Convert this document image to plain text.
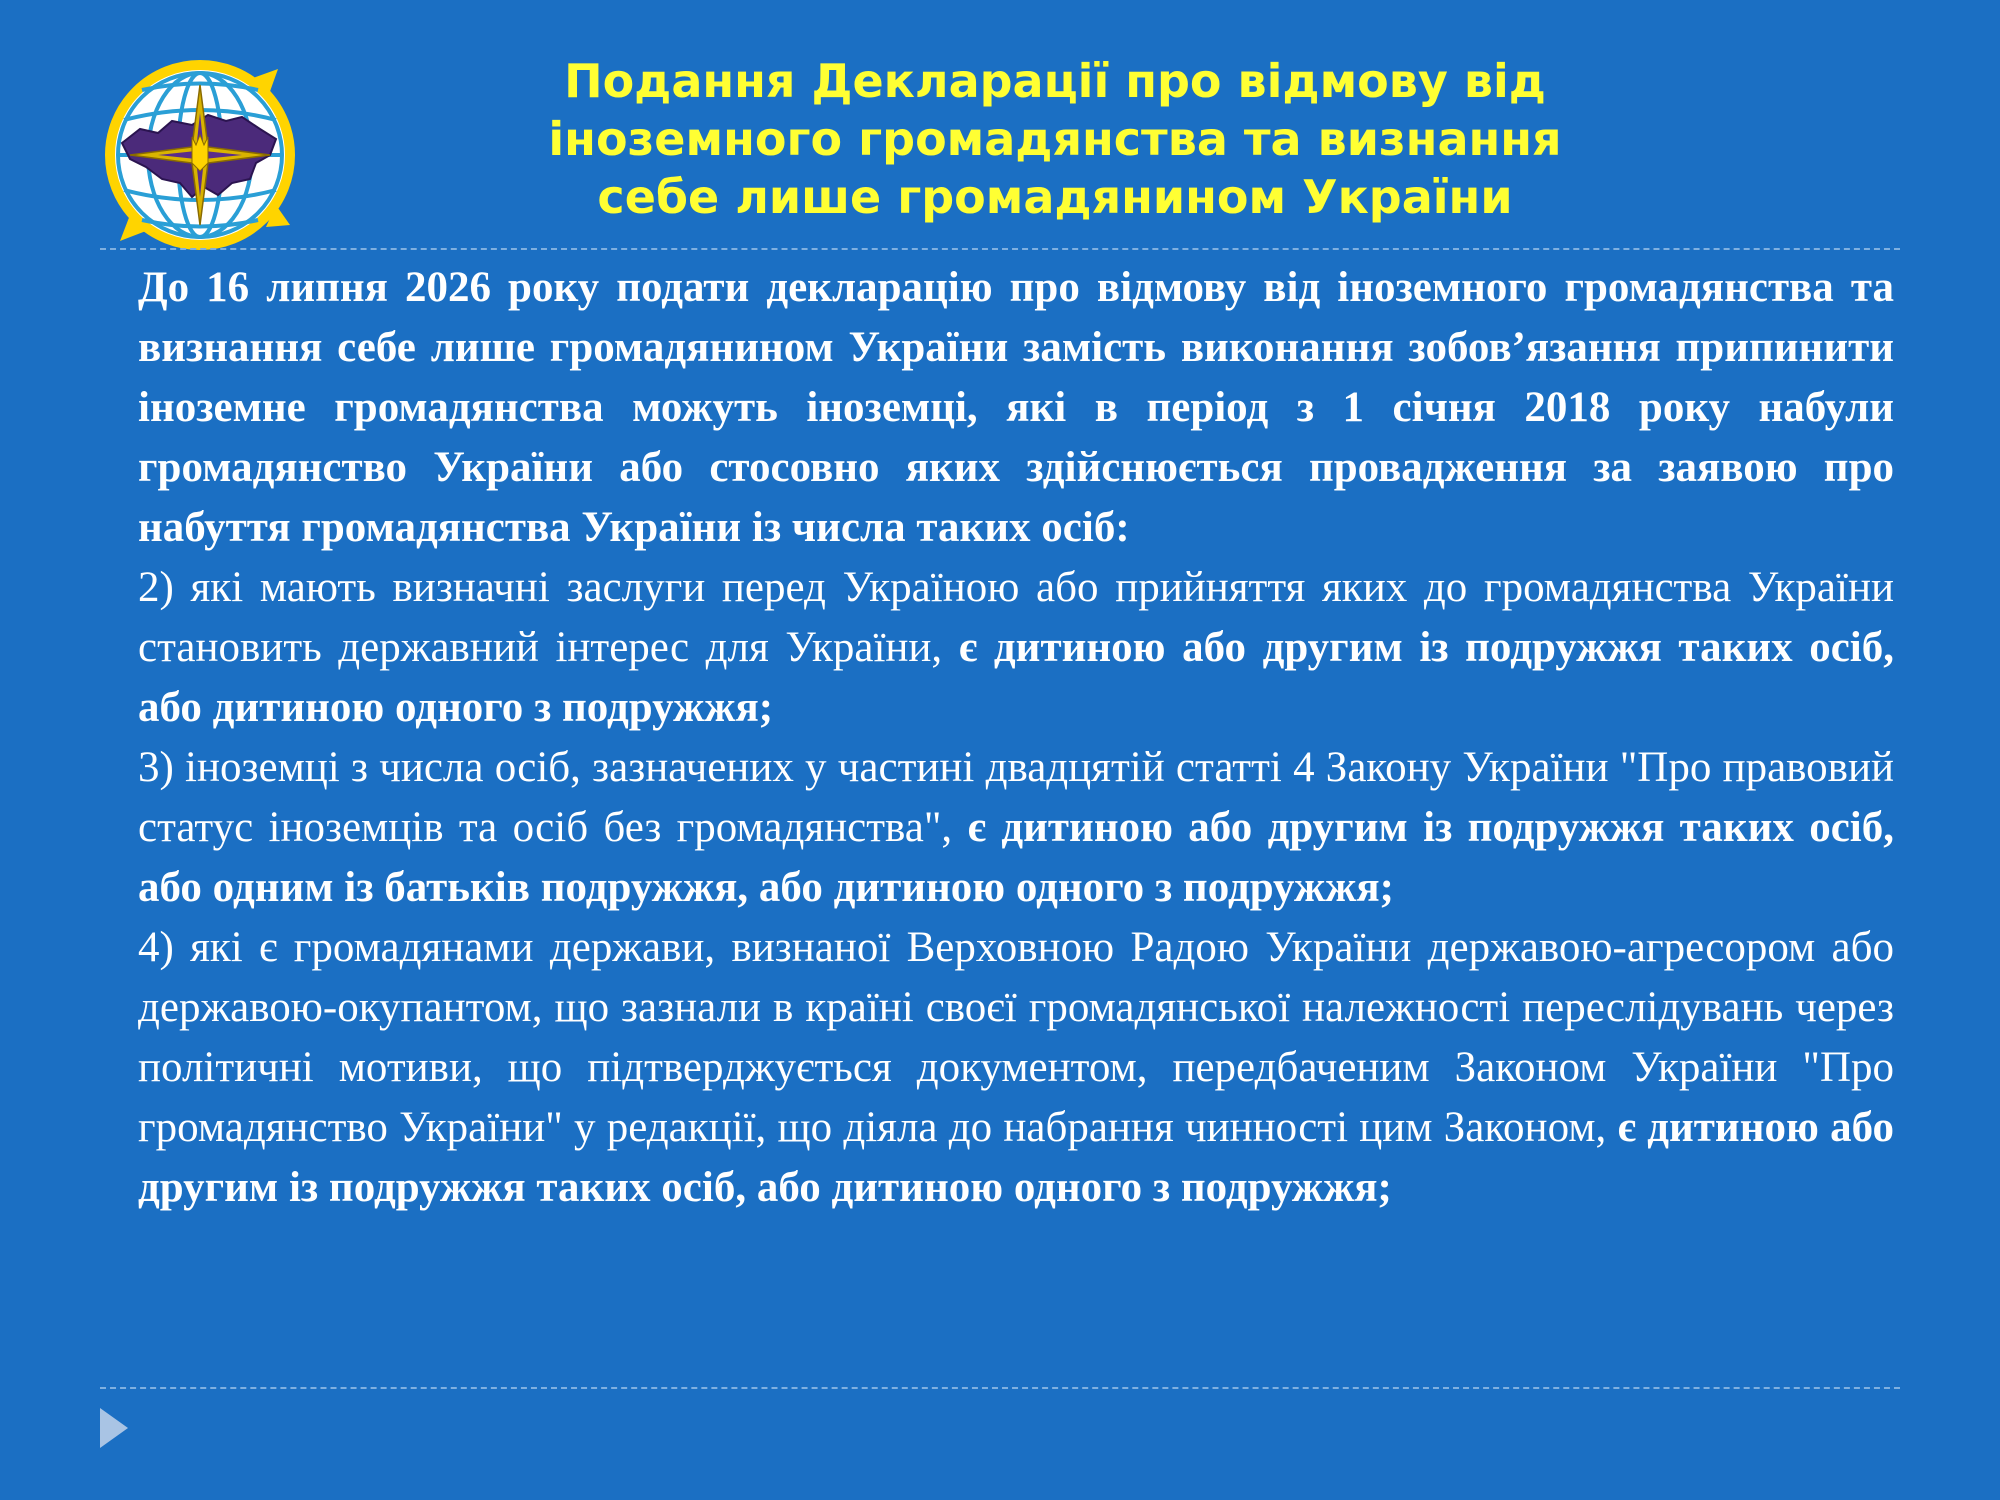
Подання Декларації про відмову від
іноземного громадянства та визнання
себе лише громадянином України

До 16 липня 2026 року подати декларацію про відмову від іноземного громадянства та визнання себе лише громадянином України замість виконання зобов’язання припинити іноземне громадянства можуть іноземці, які в період з 1 січня 2018 року набули громадянство України або стосовно яких здійснюється провадження за заявою про набуття громадянства України із числа таких осіб:

2) які мають визначні заслуги перед Україною або прийняття яких до громадянства України становить державний інтерес для України, є дитиною або другим із подружжя таких осіб, або дитиною одного з подружжя;

3) іноземці з числа осіб, зазначених у частині двадцятій статті 4 Закону України "Про правовий статус іноземців та осіб без громадянства", є дитиною або другим із подружжя таких осіб, або одним із батьків подружжя, або дитиною одного з подружжя;

4) які є громадянами держави, визнаної Верховною Радою України державою-агресором або державою-окупантом, що зазнали в країні своєї громадянської належності переслідувань через політичні мотиви, що підтверджується документом, передбаченим Законом України "Про громадянство України" у редакції, що діяла до набрання чинності цим Законом, є дитиною або другим із подружжя таких осіб, або дитиною одного з подружжя;
